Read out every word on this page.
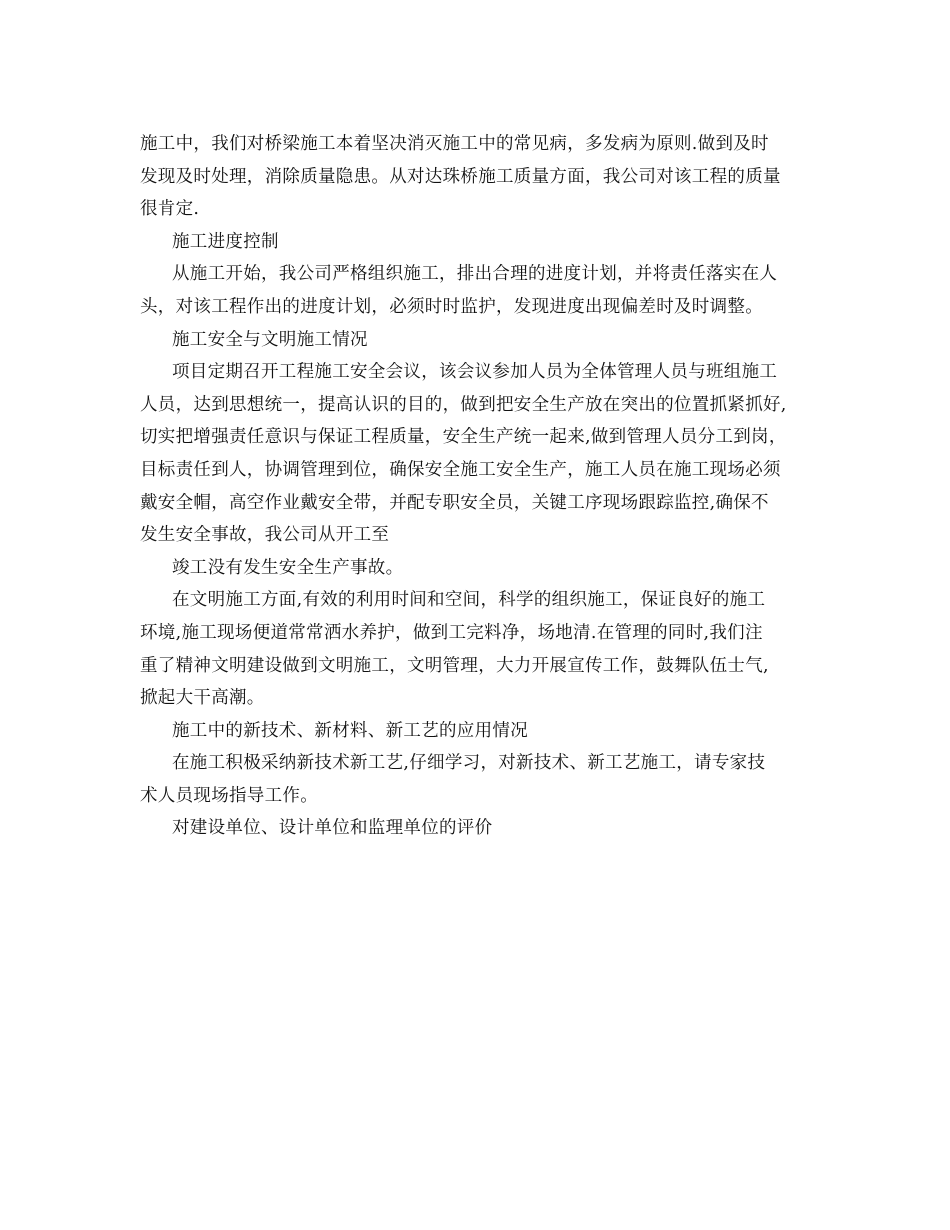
施工中，我们对桥梁施工本着坚决消灭施工中的常见病，多发病为原则.做到及时
发现及时处理，消除质量隐患。从对达珠桥施工质量方面，我公司对该工程的质量
很肯定.
施工进度控制
从施工开始，我公司严格组织施工，排出合理的进度计划，并将责任落实在人
头，对该工程作出的进度计划，必须时时监护，发现进度出现偏差时及时调整。
施工安全与文明施工情况
项目定期召开工程施工安全会议，该会议参加人员为全体管理人员与班组施工
人员，达到思想统一，提高认识的目的，做到把安全生产放在突出的位置抓紧抓好,
切实把增强责任意识与保证工程质量，安全生产统一起来,做到管理人员分工到岗，
目标责任到人，协调管理到位，确保安全施工安全生产，施工人员在施工现场必须
戴安全帽，高空作业戴安全带，并配专职安全员，关键工序现场跟踪监控,确保不
发生安全事故，我公司从开工至
竣工没有发生安全生产事故。
在文明施工方面,有效的利用时间和空间，科学的组织施工，保证良好的施工
环境,施工现场便道常常洒水养护，做到工完料净，场地清.在管理的同时,我们注
重了精神文明建设做到文明施工，文明管理，大力开展宣传工作，鼓舞队伍士气,
掀起大干高潮。
施工中的新技术、新材料、新工艺的应用情况
在施工积极采纳新技术新工艺,仔细学习，对新技术、新工艺施工，请专家技
术人员现场指导工作。
对建设单位、设计单位和监理单位的评价
